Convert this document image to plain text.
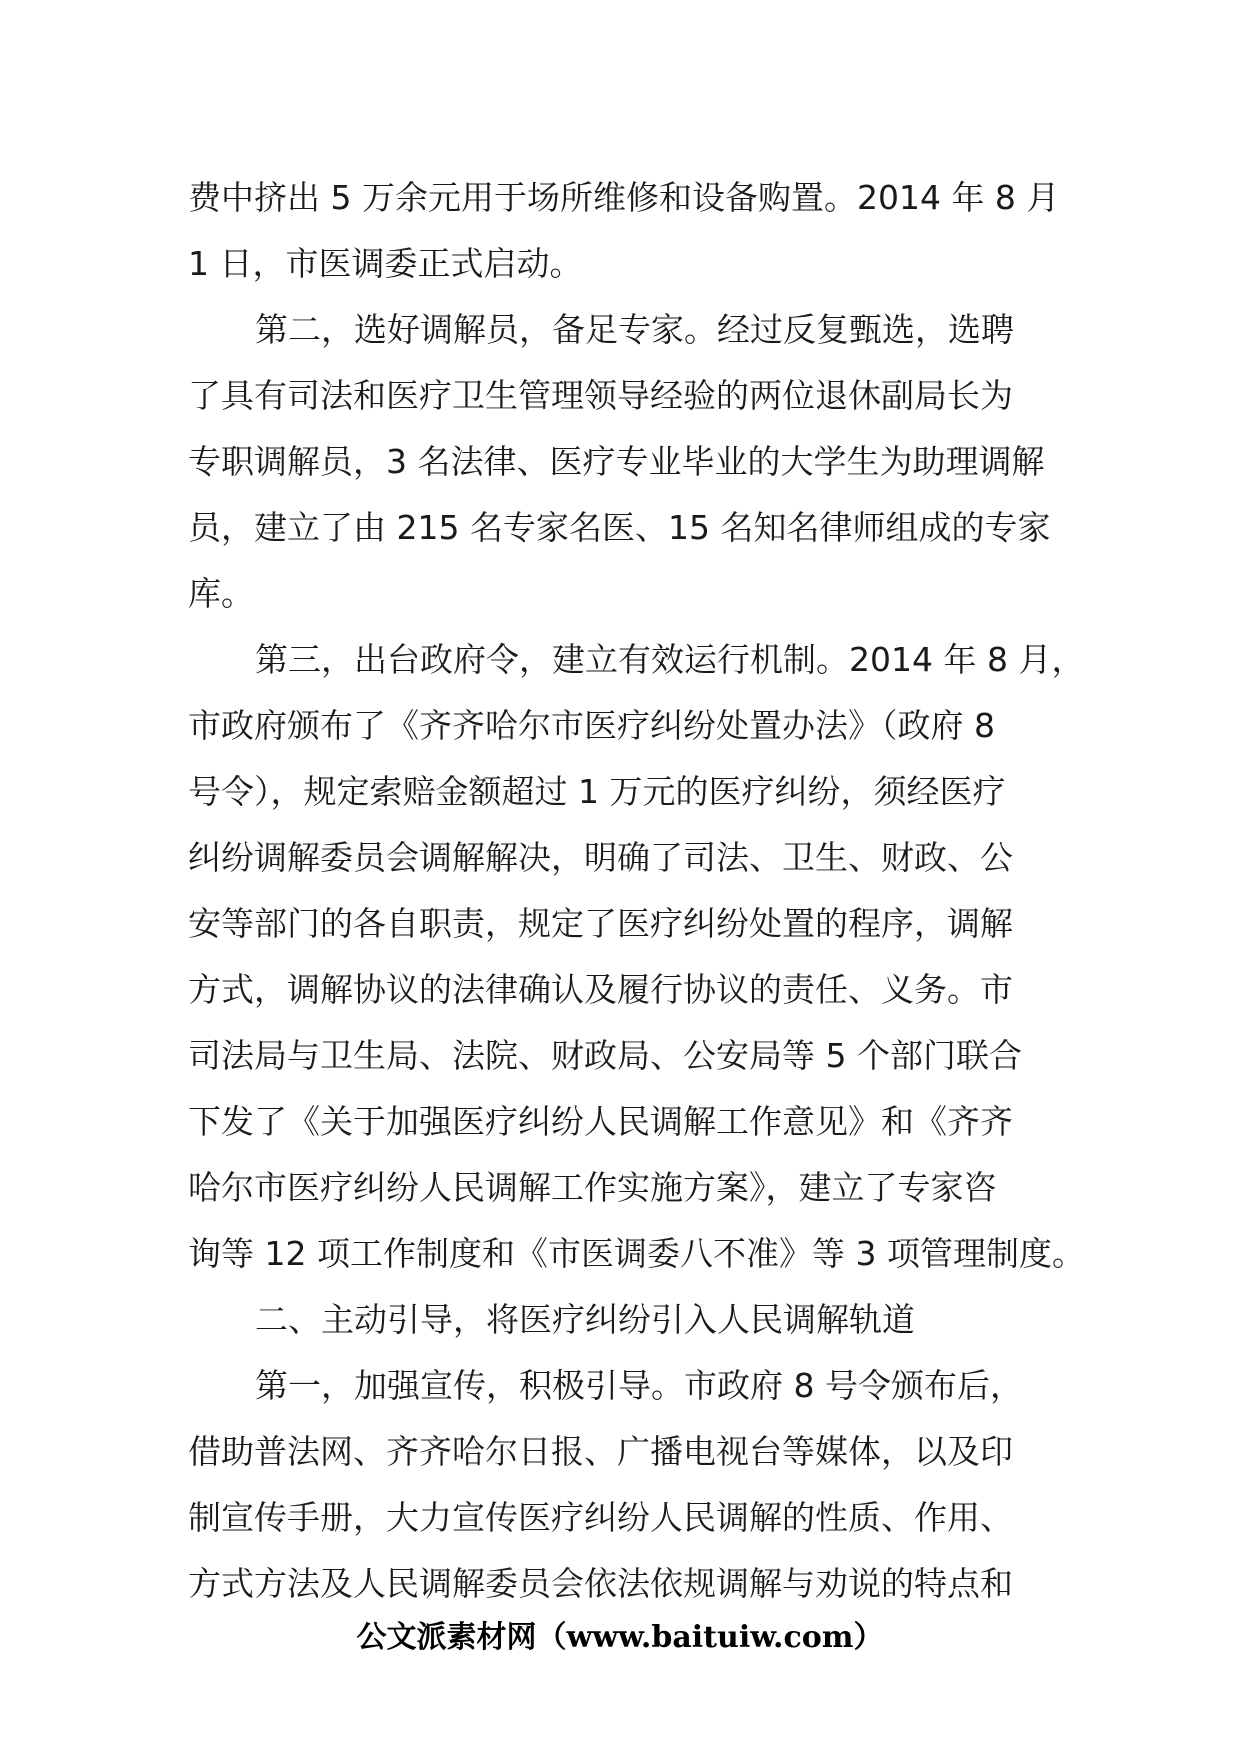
费中挤出 5 万余元用于场所维修和设备购置。2014 年 8 月
1 日，市医调委正式启动。
第二，选好调解员，备足专家。经过反复甄选，选聘
了具有司法和医疗卫生管理领导经验的两位退休副局长为
专职调解员，3 名法律、医疗专业毕业的大学生为助理调解
员，建立了由 215 名专家名医、15 名知名律师组成的专家
库。
第三，出台政府令，建立有效运行机制。2014 年 8 月，
市政府颁布了《齐齐哈尔市医疗纠纷处置办法》（政府 8
号令），规定索赔金额超过 1 万元的医疗纠纷，须经医疗
纠纷调解委员会调解解决，明确了司法、卫生、财政、公
安等部门的各自职责，规定了医疗纠纷处置的程序，调解
方式，调解协议的法律确认及履行协议的责任、义务。市
司法局与卫生局、法院、财政局、公安局等 5 个部门联合
下发了《关于加强医疗纠纷人民调解工作意见》和《齐齐
哈尔市医疗纠纷人民调解工作实施方案》，建立了专家咨
询等 12 项工作制度和《市医调委八不准》等 3 项管理制度。
二、主动引导，将医疗纠纷引入人民调解轨道
第一，加强宣传，积极引导。市政府 8 号令颁布后，
借助普法网、齐齐哈尔日报、广播电视台等媒体，以及印
制宣传手册，大力宣传医疗纠纷人民调解的性质、作用、
方式方法及人民调解委员会依法依规调解与劝说的特点和
公文派素材网（www.baituiw.com）
